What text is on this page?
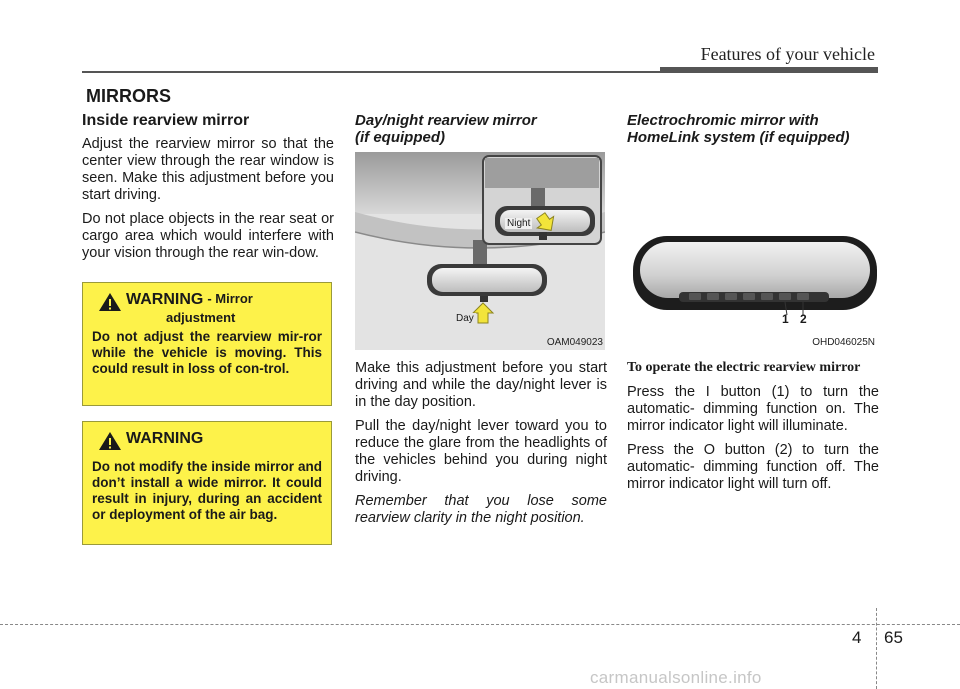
Features of your vehicle
MIRRORS
Inside rearview mirror

Adjust the rearview mirror so that the center view through the rear window is seen. Make this adjustment before you start driving.

Do not place objects in the rear seat or cargo area which would interfere with your vision through the rear win-dow.

WARNING - Mirror
adjustment
Do not adjust the rearview mir-ror while the vehicle is moving. This could result in loss of con-trol.
WARNING
Do not modify the inside mirror and don’t install a wide mirror. It could result in injury, during an accident or deployment of the air bag.
Day/night rearview mirror
(if equipped)
Night
Day
OAM049023

Make this adjustment before you start driving and while the day/night lever is in the day position.

Pull the day/night lever toward you to reduce the glare from the headlights of the vehicles behind you during night driving.

Remember that you lose some rearview clarity in the night position.

Electrochromic mirror with
HomeLink system (if equipped)
1 2
OHD046025N

To operate the electric rearview mirror

Press the I button (1) to turn the automatic- dimming function on. The mirror indicator light will illuminate.

Press the O button (2) to turn the automatic- dimming function off. The mirror indicator light will turn off.

4 65
carmanualsonline.info
